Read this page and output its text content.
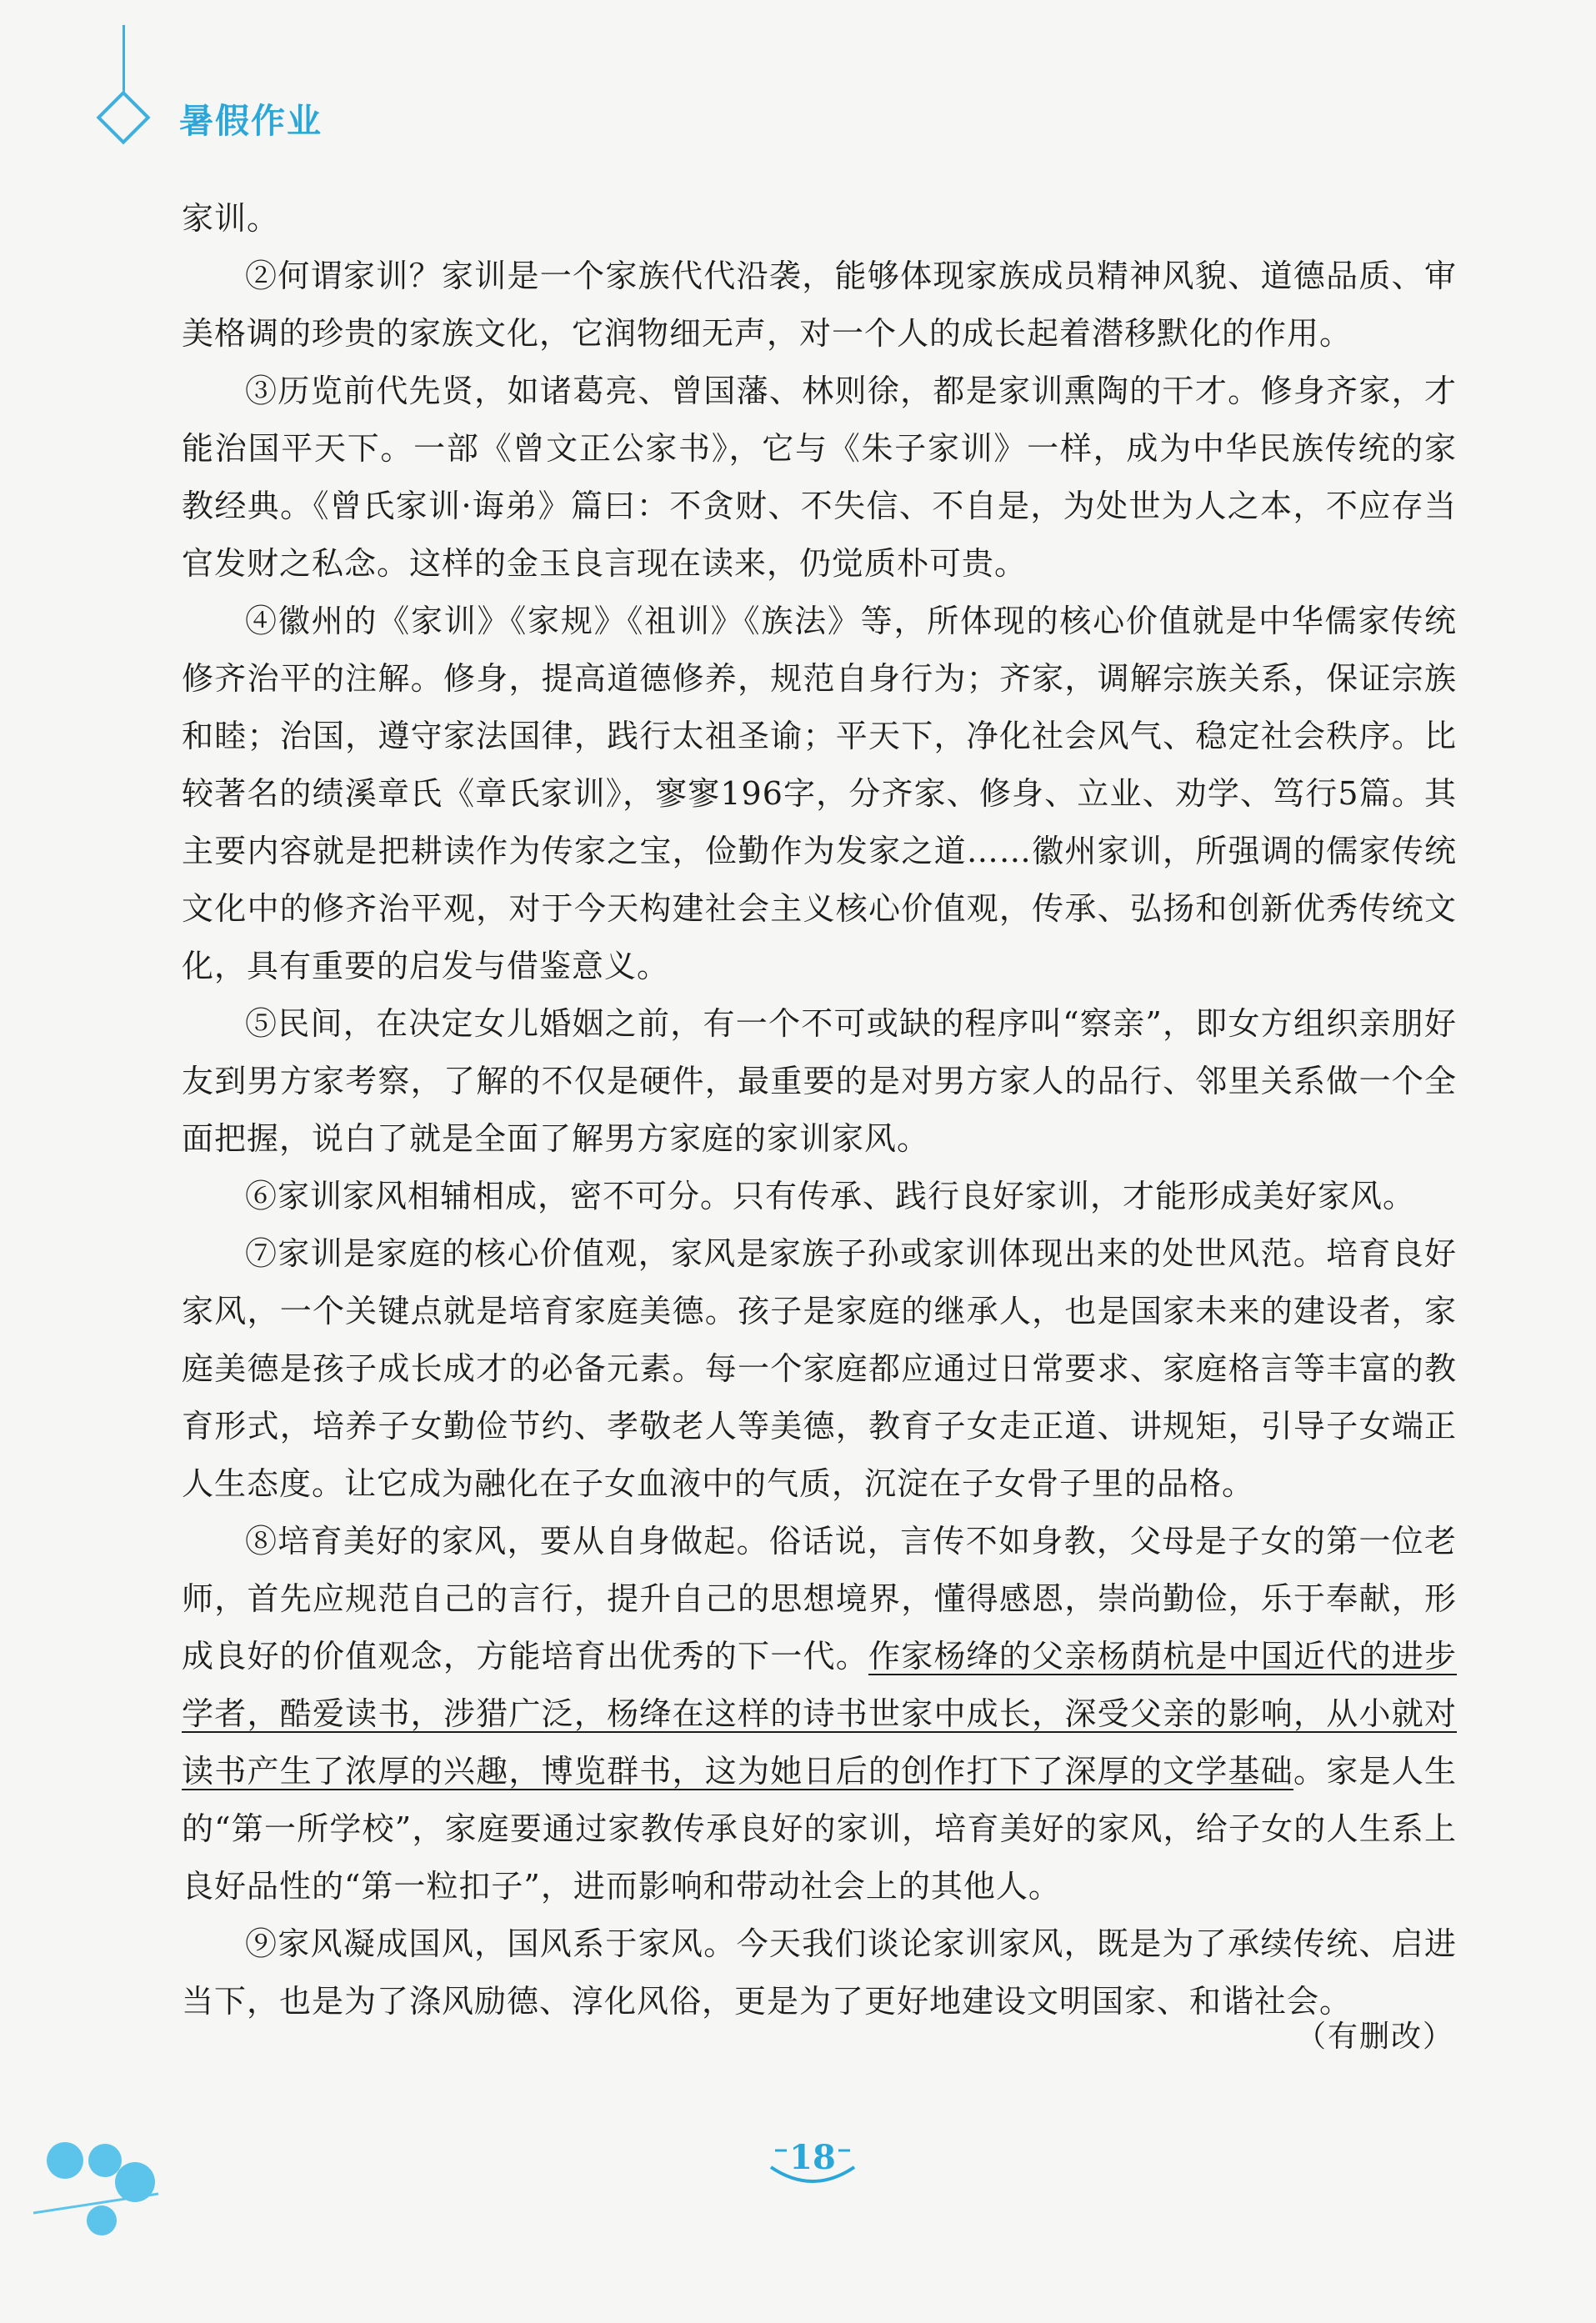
暑假作业

家训。

②何谓家训？家训是一个家族代代沿袭，能够体现家族成员精神风貌、道德品质、审美格调的珍贵的家族文化，它润物细无声，对一个人的成长起着潜移默化的作用。

③历览前代先贤，如诸葛亮、曾国藩、林则徐，都是家训熏陶的干才。修身齐家，才能治国平天下。一部《曾文正公家书》，它与《朱子家训》一样，成为中华民族传统的家教经典。《曾氏家训·诲弟》篇曰：不贪财、不失信、不自是，为处世为人之本，不应存当官发财之私念。这样的金玉良言现在读来，仍觉质朴可贵。

④徽州的《家训》《家规》《祖训》《族法》等，所体现的核心价值就是中华儒家传统修齐治平的注解。修身，提高道德修养，规范自身行为；齐家，调解宗族关系，保证宗族和睦；治国，遵守家法国律，践行太祖圣谕；平天下，净化社会风气、稳定社会秩序。比较著名的绩溪章氏《章氏家训》，寥寥196字，分齐家、修身、立业、劝学、笃行5篇。其主要内容就是把耕读作为传家之宝，俭勤作为发家之道……徽州家训，所强调的儒家传统文化中的修齐治平观，对于今天构建社会主义核心价值观，传承、弘扬和创新优秀传统文化，具有重要的启发与借鉴意义。

⑤民间，在决定女儿婚姻之前，有一个不可或缺的程序叫“察亲”，即女方组织亲朋好友到男方家考察，了解的不仅是硬件，最重要的是对男方家人的品行、邻里关系做一个全面把握，说白了就是全面了解男方家庭的家训家风。

⑥家训家风相辅相成，密不可分。只有传承、践行良好家训，才能形成美好家风。

⑦家训是家庭的核心价值观，家风是家族子孙或家训体现出来的处世风范。培育良好家风，一个关键点就是培育家庭美德。孩子是家庭的继承人，也是国家未来的建设者，家庭美德是孩子成长成才的必备元素。每一个家庭都应通过日常要求、家庭格言等丰富的教育形式，培养子女勤俭节约、孝敬老人等美德，教育子女走正道、讲规矩，引导子女端正人生态度。让它成为融化在子女血液中的气质，沉淀在子女骨子里的品格。

⑧培育美好的家风，要从自身做起。俗话说，言传不如身教，父母是子女的第一位老师，首先应规范自己的言行，提升自己的思想境界，懂得感恩，崇尚勤俭，乐于奉献，形成良好的价值观念，方能培育出优秀的下一代。作家杨绛的父亲杨荫杭是中国近代的进步学者，酷爱读书，涉猎广泛，杨绛在这样的诗书世家中成长，深受父亲的影响，从小就对读书产生了浓厚的兴趣，博览群书，这为她日后的创作打下了深厚的文学基础。家是人生的“第一所学校”，家庭要通过家教传承良好的家训，培育美好的家风，给子女的人生系上良好品性的“第一粒扣子”，进而影响和带动社会上的其他人。

⑨家风凝成国风，国风系于家风。今天我们谈论家训家风，既是为了承续传统、启进当下，也是为了涤风励德、淳化风俗，更是为了更好地建设文明国家、和谐社会。

（有删改）
18
